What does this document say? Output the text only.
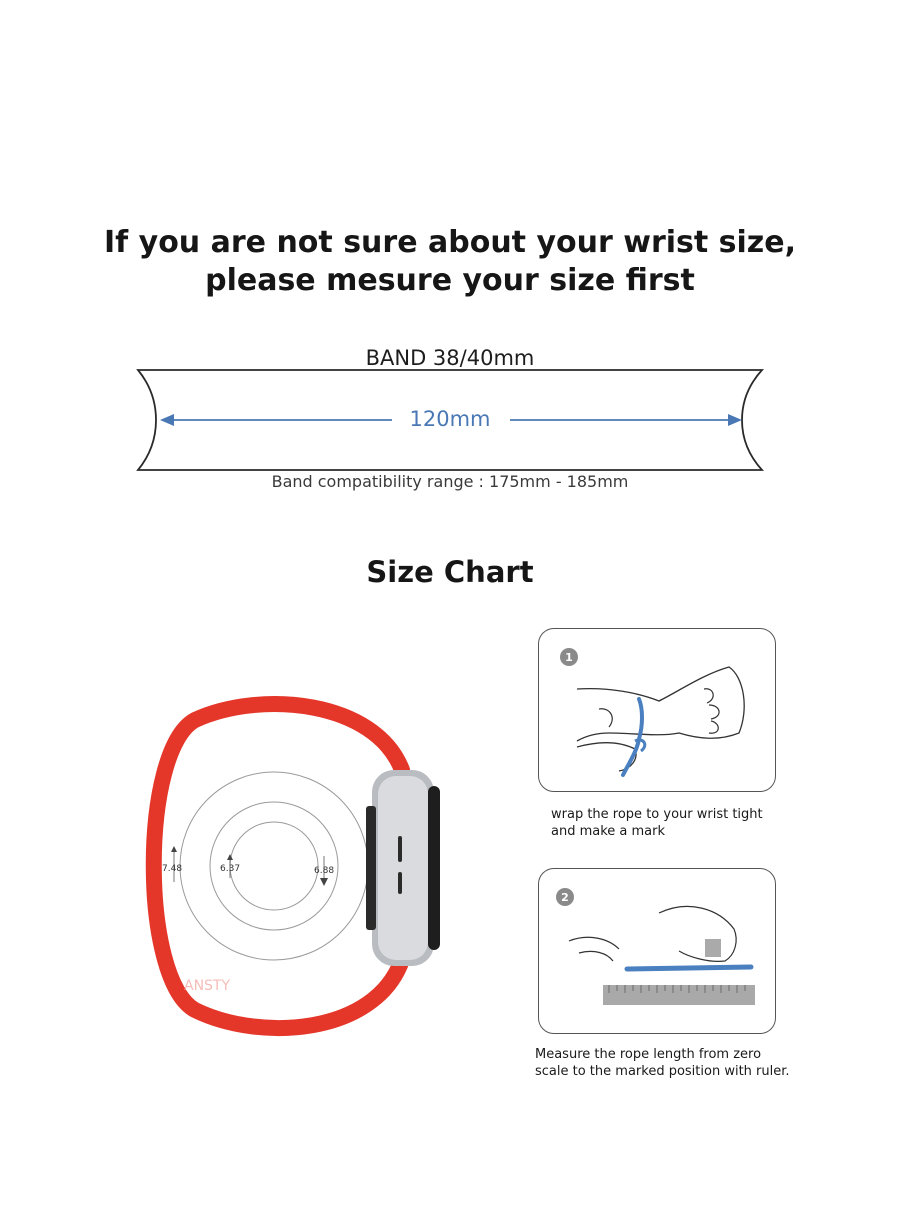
If you are not sure about your wrist size,
please mesure your size first
BAND 38/40mm
120mm
Band compatibility range : 175mm - 185mm
Size Chart
7.48	6.37	6.88
ANSTY
1
wrap the rope to your wrist tight
and make a mark
2
Measure the rope length from zero
scale to the marked position with ruler.
